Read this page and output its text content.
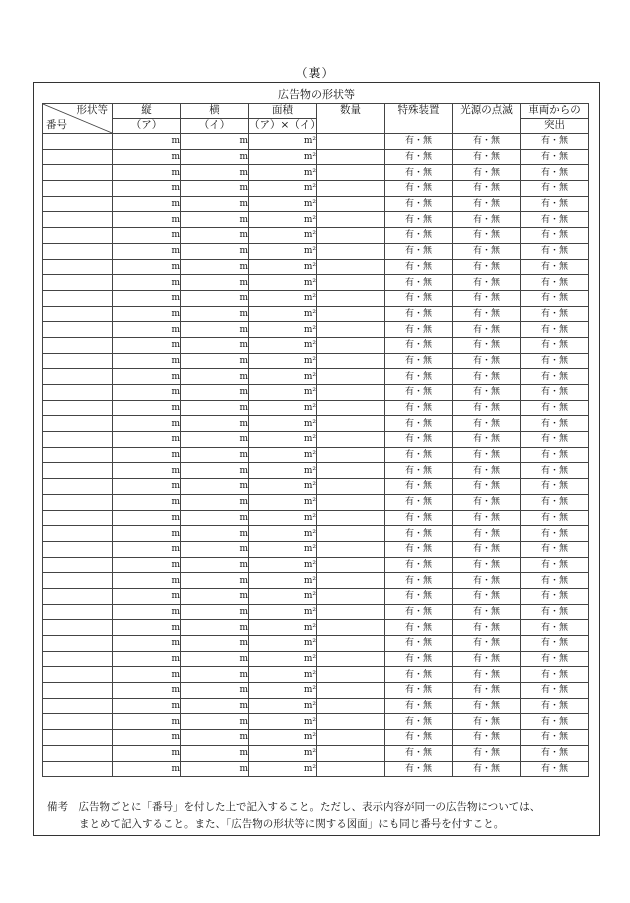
（裏）
広告物の形状等
形状等
番号	縦	横	面積	数量	特殊装置	光源の点滅	車両からの
	（ア）	（イ）	（ア）×（イ）				突出
	m	m	m²		有・無	有・無	有・無
	m	m	m²		有・無	有・無	有・無
	m	m	m²		有・無	有・無	有・無
	m	m	m²		有・無	有・無	有・無
	m	m	m²		有・無	有・無	有・無
	m	m	m²		有・無	有・無	有・無
	m	m	m²		有・無	有・無	有・無
	m	m	m²		有・無	有・無	有・無
	m	m	m²		有・無	有・無	有・無
	m	m	m²		有・無	有・無	有・無
	m	m	m²		有・無	有・無	有・無
	m	m	m²		有・無	有・無	有・無
	m	m	m²		有・無	有・無	有・無
	m	m	m²		有・無	有・無	有・無
	m	m	m²		有・無	有・無	有・無
	m	m	m²		有・無	有・無	有・無
	m	m	m²		有・無	有・無	有・無
	m	m	m²		有・無	有・無	有・無
	m	m	m²		有・無	有・無	有・無
	m	m	m²		有・無	有・無	有・無
	m	m	m²		有・無	有・無	有・無
	m	m	m²		有・無	有・無	有・無
	m	m	m²		有・無	有・無	有・無
	m	m	m²		有・無	有・無	有・無
	m	m	m²		有・無	有・無	有・無
	m	m	m²		有・無	有・無	有・無
	m	m	m²		有・無	有・無	有・無
	m	m	m²		有・無	有・無	有・無
	m	m	m²		有・無	有・無	有・無
	m	m	m²		有・無	有・無	有・無
	m	m	m²		有・無	有・無	有・無
	m	m	m²		有・無	有・無	有・無
	m	m	m²		有・無	有・無	有・無
	m	m	m²		有・無	有・無	有・無
	m	m	m²		有・無	有・無	有・無
	m	m	m²		有・無	有・無	有・無
	m	m	m²		有・無	有・無	有・無
	m	m	m²		有・無	有・無	有・無
	m	m	m²		有・無	有・無	有・無
	m	m	m²		有・無	有・無	有・無
	m	m	m²		有・無	有・無	有・無
備考　広告物ごとに「番号」を付した上で記入すること。ただし、表示内容が同一の広告物については、
まとめて記入すること。また、「広告物の形状等に関する図面」にも同じ番号を付すこと。
